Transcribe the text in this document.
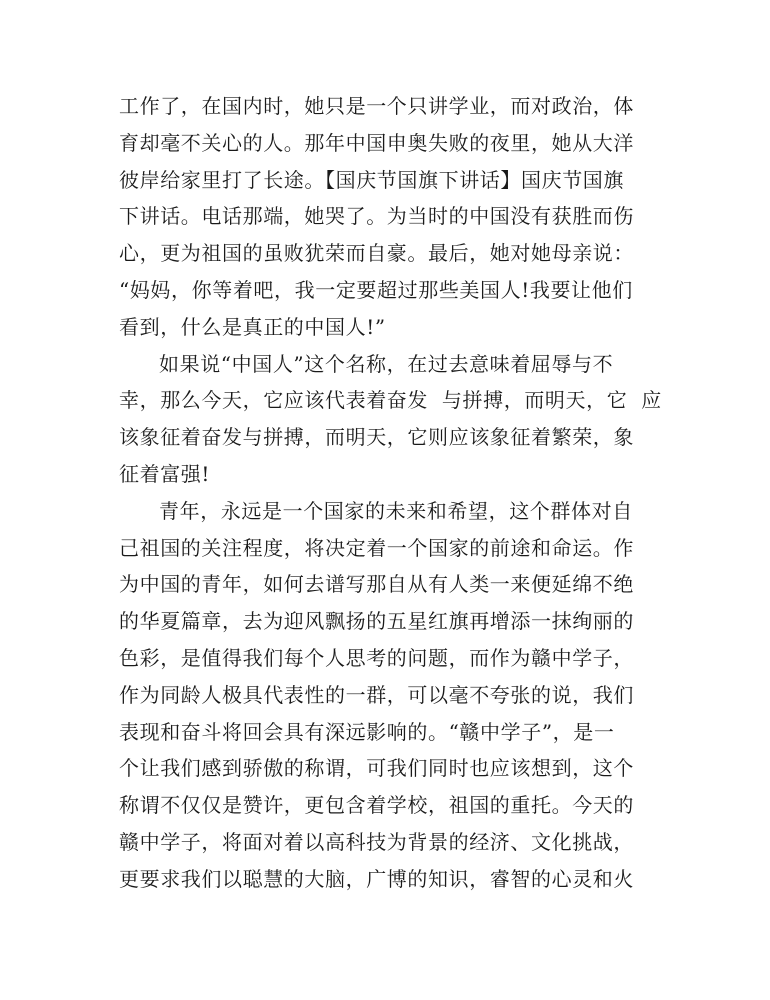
工作了，在国内时，她只是一个只讲学业，而对政治，体
育却毫不关心的人。那年中国申奥失败的夜里，她从大洋
彼岸给家里打了长途。【国庆节国旗下讲话】国庆节国旗
下讲话。电话那端，她哭了。为当时的中国没有获胜而伤
心，更为祖国的虽败犹荣而自豪。最后，她对她母亲说：
“妈妈，你等着吧，我一定要超过那些美国人!我要让他们
看到，什么是真正的中国人!”
如果说“中国人”这个名称，在过去意味着屈辱与不
幸，那么今天，它应该代表着奋发  与拼搏，而明天，它  应
该象征着奋发与拼搏，而明天，它则应该象征着繁荣，象
征着富强!
青年，永远是一个国家的未来和希望，这个群体对自
己祖国的关注程度，将决定着一个国家的前途和命运。作
为中国的青年，如何去谱写那自从有人类一来便延绵不绝
的华夏篇章，去为迎风飘扬的五星红旗再增添一抹绚丽的
色彩，是值得我们每个人思考的问题，而作为赣中学子，
作为同龄人极具代表性的一群，可以毫不夸张的说，我们
表现和奋斗将回会具有深远影响的。“赣中学子”，是一
个让我们感到骄傲的称谓，可我们同时也应该想到，这个
称谓不仅仅是赞许，更包含着学校，祖国的重托。今天的
赣中学子，将面对着以高科技为背景的经济、文化挑战，
更要求我们以聪慧的大脑，广博的知识，睿智的心灵和火
